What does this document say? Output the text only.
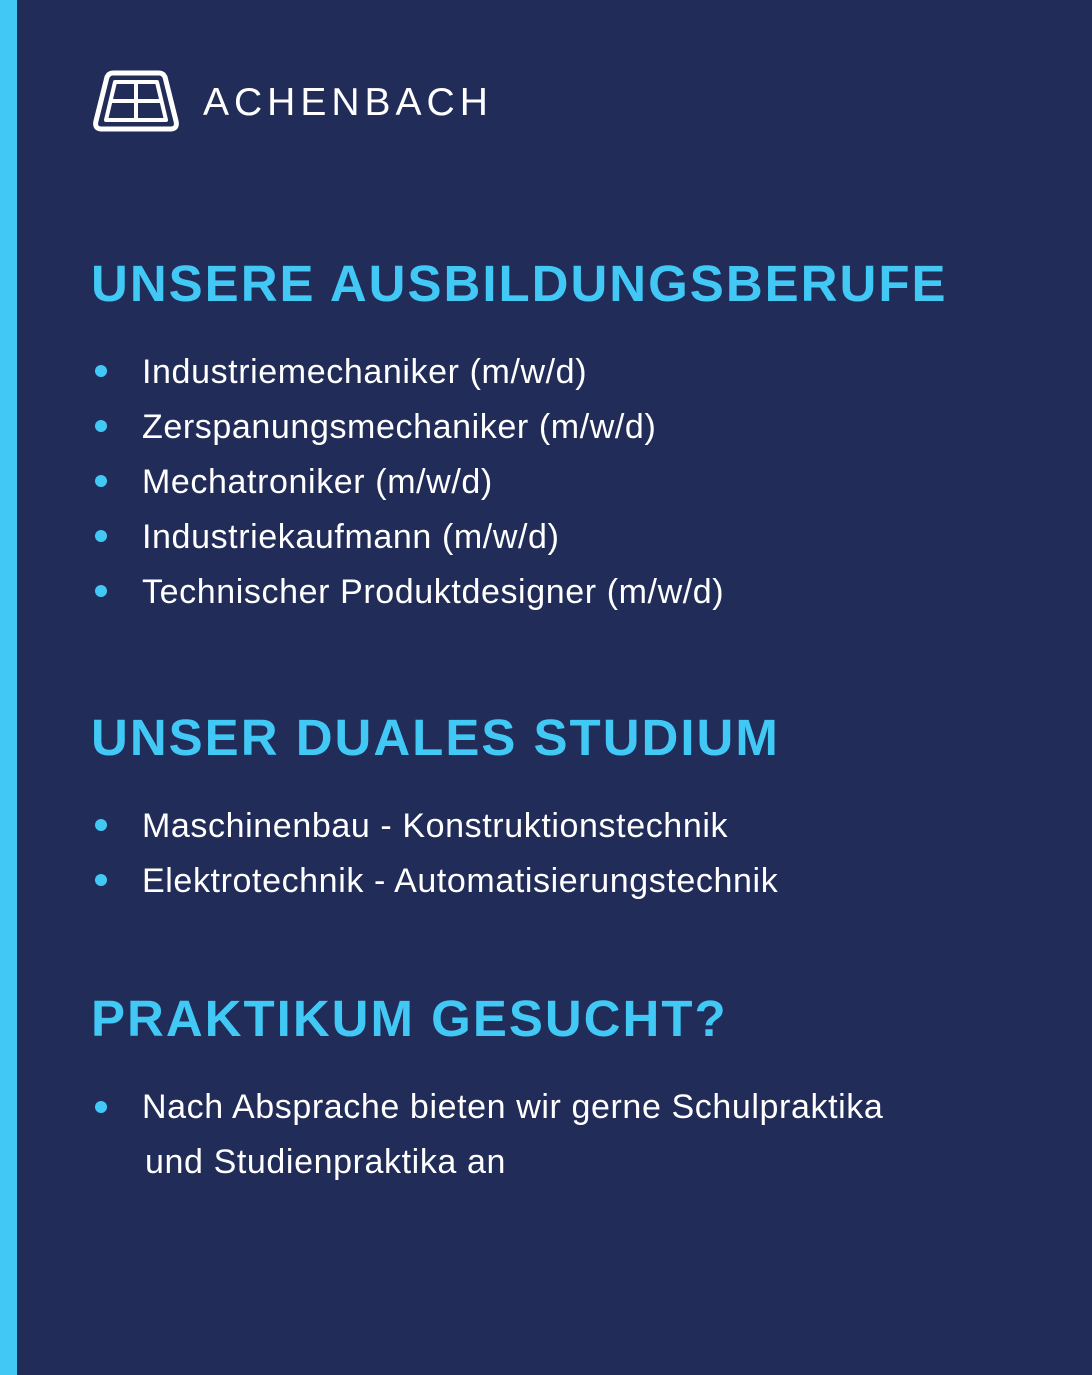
ACHENBACH
UNSERE AUSBILDUNGSBERUFE
Industriemechaniker (m/w/d)
Zerspanungsmechaniker (m/w/d)
Mechatroniker (m/w/d)
Industriekaufmann (m/w/d)
Technischer Produktdesigner (m/w/d)
UNSER DUALES STUDIUM
Maschinenbau - Konstruktionstechnik
Elektrotechnik - Automatisierungstechnik
PRAKTIKUM GESUCHT?
Nach Absprache bieten wir gerne Schulpraktika
und Studienpraktika an
